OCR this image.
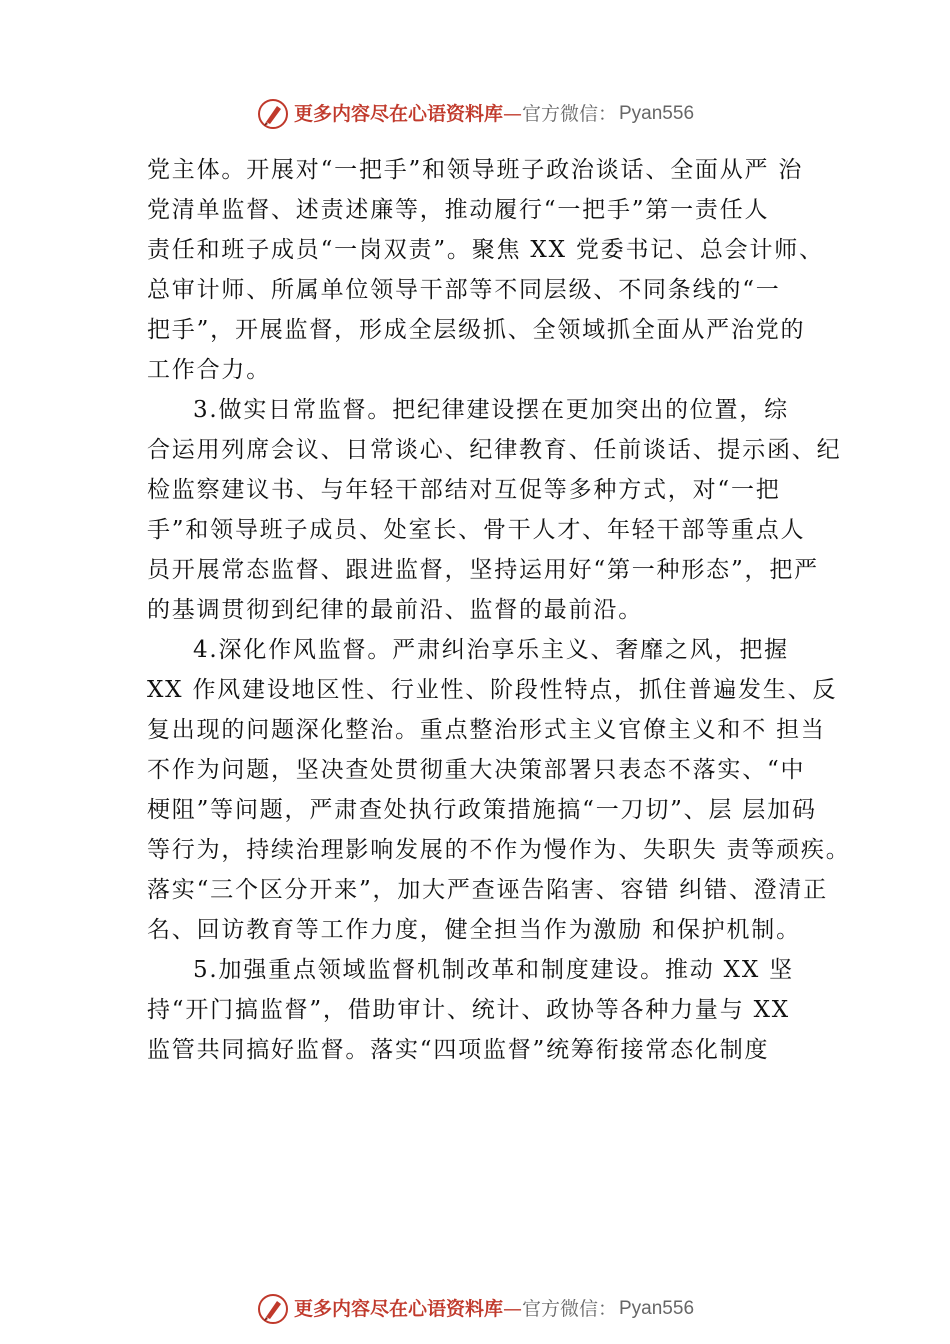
更多内容尽在心语资料库 — 官方微信： Pyan556
党主体。开展对“一把手”和领导班子政治谈话、全面从严 治
党清单监督、述责述廉等，推动履行“一把手”第一责任人
责任和班子成员“一岗双责”。聚焦 XX 党委书记、总会计师、
总审计师、所属单位领导干部等不同层级、不同条线的“一
把手”，开展监督，形成全层级抓、全领域抓全面从严治党的
工作合力。
3.做实日常监督。把纪律建设摆在更加突出的位置，综
合运用列席会议、日常谈心、纪律教育、任前谈话、提示函、纪
检监察建议书、与年轻干部结对互促等多种方式，对“一把
手”和领导班子成员、处室长、骨干人才、年轻干部等重点人
员开展常态监督、跟进监督，坚持运用好“第一种形态”，把严
的基调贯彻到纪律的最前沿、监督的最前沿。
4.深化作风监督。严肃纠治享乐主义、奢靡之风，把握
XX 作风建设地区性、行业性、阶段性特点，抓住普遍发生、反
复出现的问题深化整治。重点整治形式主义官僚主义和不 担当
不作为问题，坚决查处贯彻重大决策部署只表态不落实、“中
梗阻”等问题，严肃查处执行政策措施搞“一刀切”、层 层加码
等行为，持续治理影响发展的不作为慢作为、失职失 责等顽疾。
落实“三个区分开来”，加大严查诬告陷害、容错 纠错、澄清正
名、回访教育等工作力度，健全担当作为激励 和保护机制。
5.加强重点领域监督机制改革和制度建设。推动 XX 坚
持“开门搞监督”，借助审计、统计、政协等各种力量与 XX
监管共同搞好监督。落实“四项监督”统筹衔接常态化制度
更多内容尽在心语资料库 — 官方微信： Pyan556
